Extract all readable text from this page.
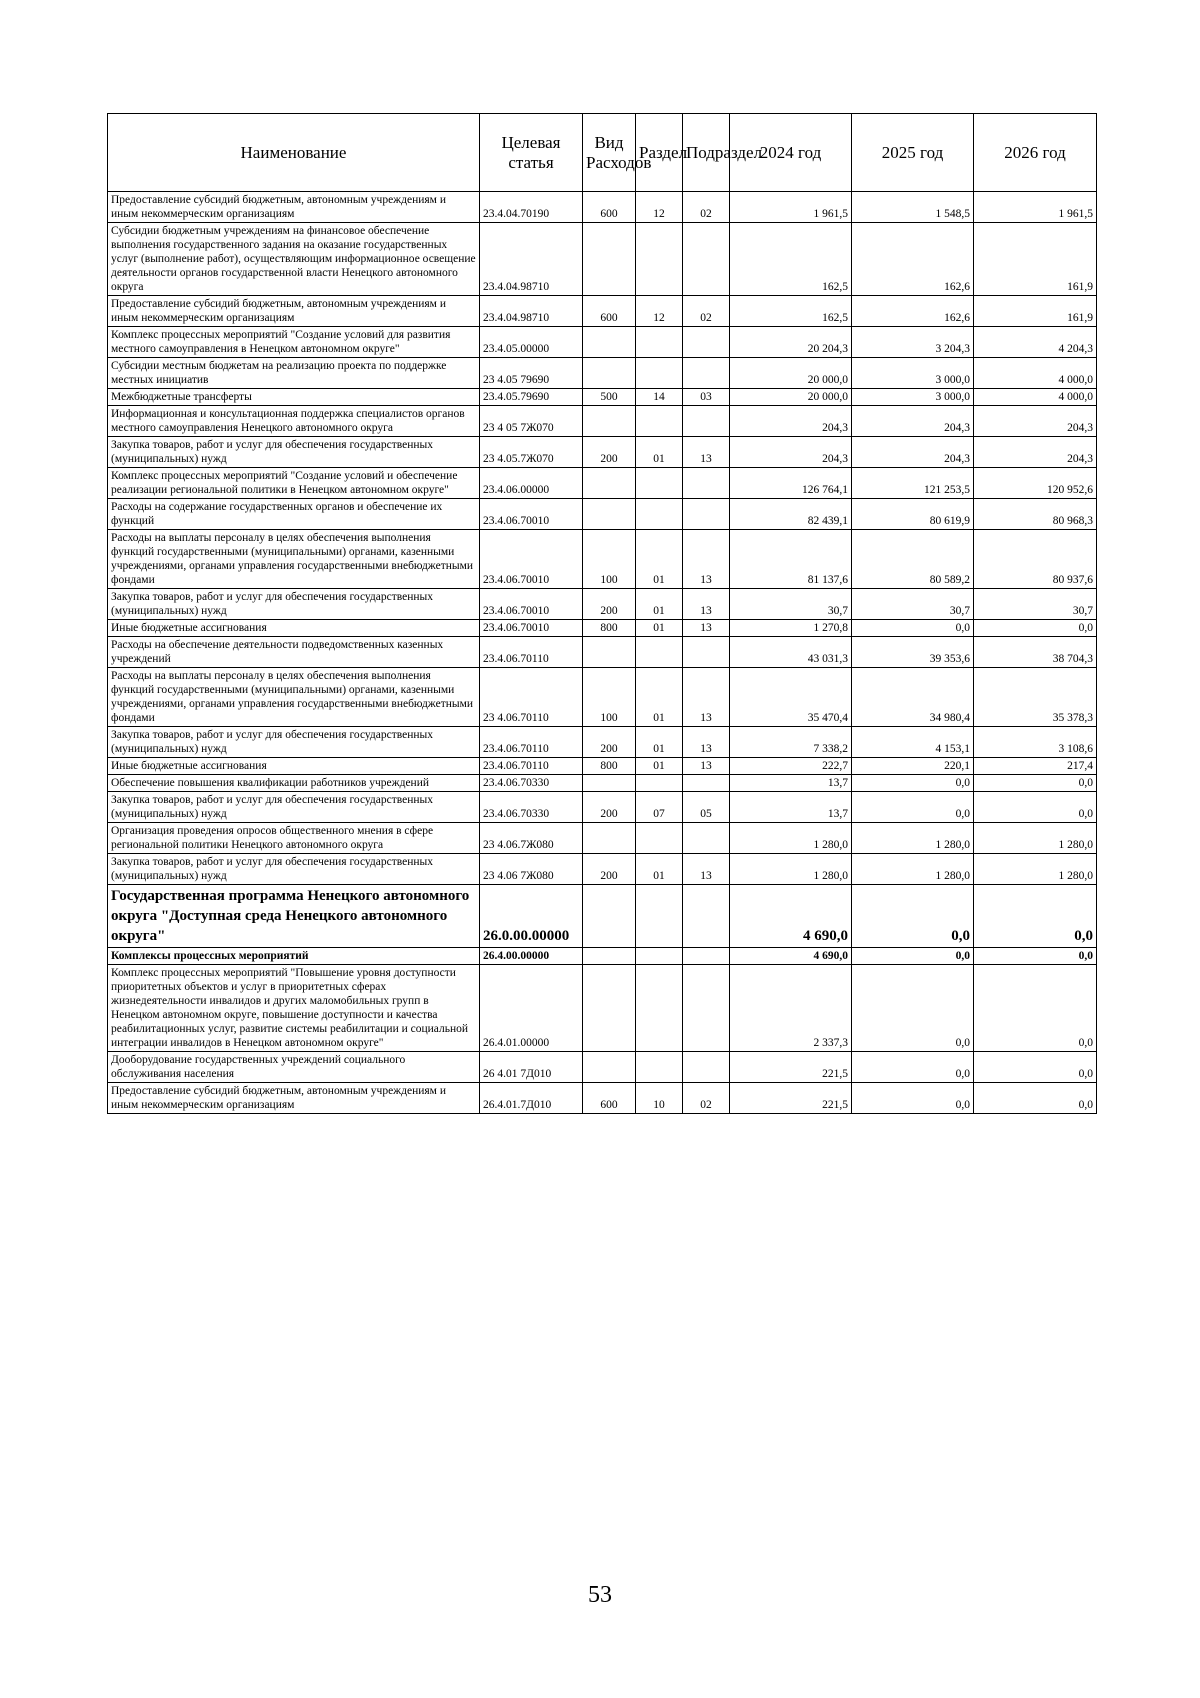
Наименование	Целевая статья	Вид Расходов	Раздел	Подраздел	2024 год	2025 год	2026 год
Предоставление субсидий бюджетным, автономным учреждениям и иным некоммерческим организациям	23.4.04.70190	600	12	02	1 961,5	1 548,5	1 961,5
Субсидии бюджетным учреждениям на финансовое обеспечение выполнения государственного задания на оказание государственных услуг (выполнение работ), осуществляющим информационное освещение деятельности органов государственной власти Ненецкого автономного округа	23.4.04.98710				162,5	162,6	161,9
Предоставление субсидий бюджетным, автономным учреждениям и иным некоммерческим организациям	23.4.04.98710	600	12	02	162,5	162,6	161,9
Комплекс процессных мероприятий "Создание условий для развития местного самоуправления в Ненецком автономном округе"	23.4.05.00000				20 204,3	3 204,3	4 204,3
Субсидии местным бюджетам на реализацию проекта по поддержке местных инициатив	23 4.05 79690				20 000,0	3 000,0	4 000,0
Межбюджетные трансферты	23.4.05.79690	500	14	03	20 000,0	3 000,0	4 000,0
Информационная и консультационная поддержка специалистов органов местного самоуправления Ненецкого автономного округа	23 4 05 7Ж070				204,3	204,3	204,3
Закупка товаров, работ и услуг для обеспечения государственных (муниципальных) нужд	23 4.05.7Ж070	200	01	13	204,3	204,3	204,3
Комплекс процессных мероприятий "Создание условий и обеспечение реализации региональной политики в Ненецком автономном округе"	23.4.06.00000				126 764,1	121 253,5	120 952,6
Расходы на содержание государственных органов и обеспечение их функций	23.4.06.70010				82 439,1	80 619,9	80 968,3
Расходы на выплаты персоналу в целях обеспечения выполнения функций государственными (муниципальными) органами, казенными учреждениями, органами управления государственными внебюджетными фондами	23.4.06.70010	100	01	13	81 137,6	80 589,2	80 937,6
Закупка товаров, работ и услуг для обеспечения государственных (муниципальных) нужд	23.4.06.70010	200	01	13	30,7	30,7	30,7
Иные бюджетные ассигнования	23.4.06.70010	800	01	13	1 270,8	0,0	0,0
Расходы на обеспечение деятельности подведомственных казенных учреждений	23.4.06.70110				43 031,3	39 353,6	38 704,3
Расходы на выплаты персоналу в целях обеспечения выполнения функций государственными (муниципальными) органами, казенными учреждениями, органами управления государственными внебюджетными фондами	23 4.06.70110	100	01	13	35 470,4	34 980,4	35 378,3
Закупка товаров, работ и услуг для обеспечения государственных (муниципальных) нужд	23.4.06.70110	200	01	13	7 338,2	4 153,1	3 108,6
Иные бюджетные ассигнования	23.4.06.70110	800	01	13	222,7	220,1	217,4
Обеспечение повышения квалификации работников учреждений	23.4.06.70330				13,7	0,0	0,0
Закупка товаров, работ и услуг для обеспечения государственных (муниципальных) нужд	23.4.06.70330	200	07	05	13,7	0,0	0,0
Организация проведения опросов общественного мнения в сфере региональной политики Ненецкого автономного округа	23 4.06.7Ж080				1 280,0	1 280,0	1 280,0
Закупка товаров, работ и услуг для обеспечения государственных (муниципальных) нужд	23 4.06 7Ж080	200	01	13	1 280,0	1 280,0	1 280,0
Государственная программа Ненецкого автономного округа "Доступная среда Ненецкого автономного округа"	26.0.00.00000				4 690,0	0,0	0,0
Комплексы процессных мероприятий	26.4.00.00000				4 690,0	0,0	0,0
Комплекс процессных мероприятий "Повышение уровня доступности приоритетных объектов и услуг в приоритетных сферах жизнедеятельности инвалидов и других маломобильных групп в Ненецком автономном округе, повышение доступности и качества реабилитационных услуг, развитие системы реабилитации и социальной интеграции инвалидов в Ненецком автономном округе"	26.4.01.00000				2 337,3	0,0	0,0
Дооборудование государственных учреждений социального обслуживания населения	26 4.01 7Д010				221,5	0,0	0,0
Предоставление субсидий бюджетным, автономным учреждениям и иным некоммерческим организациям	26.4.01.7Д010	600	10	02	221,5	0,0	0,0
53
